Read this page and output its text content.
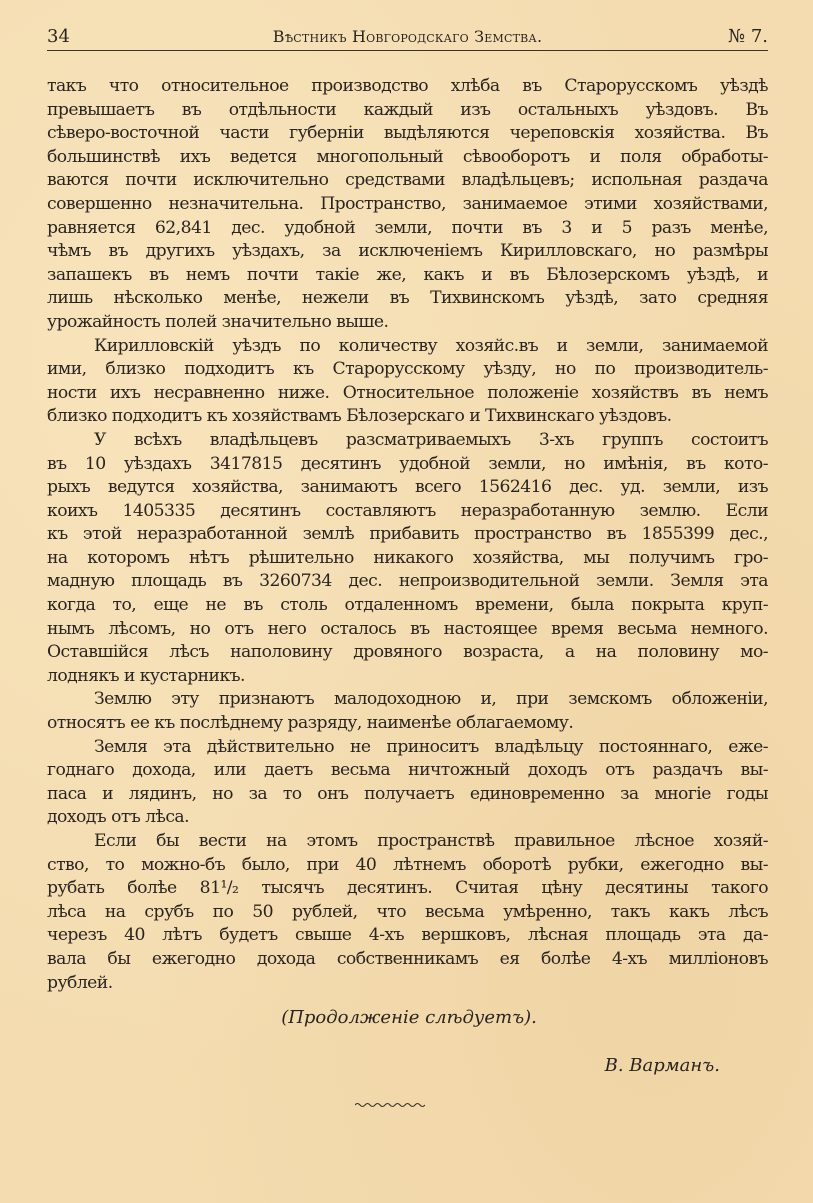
34	Вѣстникъ Новгородскаго Земства.	№ 7.
такъ что относительное производство хлѣба въ Старорусскомъ уѣздѣ
превышаетъ въ отдѣльности каждый изъ остальныхъ уѣздовъ. Въ
сѣверо-восточной части губерніи выдѣляются череповскія хозяйства. Въ
большинствѣ ихъ ведется многопольный сѣвооборотъ и поля обработы-
ваются почти исключительно средствами владѣльцевъ; испольная раздача
совершенно незначительна. Пространство, занимаемое этими хозяйствами,
равняется 62,841 дес. удобной земли, почти въ 3 и 5 разъ менѣе,
чѣмъ въ другихъ уѣздахъ, за исключеніемъ Кирилловскаго, но размѣры
запашекъ въ немъ почти такіе же, какъ и въ Бѣлозерскомъ уѣздѣ, и
лишь нѣсколько менѣе, нежели въ Тихвинскомъ уѣздѣ, зато средняя
урожайность полей значительно выше.
Кирилловскій уѣздъ по количеству хозяйс.въ и земли, занимаемой
ими, близко подходитъ къ Старорусскому уѣзду, но по производитель-
ности ихъ несравненно ниже. Относительное положеніе хозяйствъ въ немъ
близко подходитъ къ хозяйствамъ Бѣлозерскаго и Тихвинскаго уѣздовъ.
У всѣхъ владѣльцевъ разсматриваемыхъ 3-хъ группъ состоитъ
въ 10 уѣздахъ 3417815 десятинъ удобной земли, но имѣнія, въ кото-
рыхъ ведутся хозяйства, занимаютъ всего 1562416 дес. уд. земли, изъ
коихъ 1405335 десятинъ составляютъ неразработанную землю. Если
къ этой неразработанной землѣ прибавить пространство въ 1855399 дес.,
на которомъ нѣтъ рѣшительно никакого хозяйства, мы получимъ гро-
мадную площадь въ 3260734 дес. непроизводительной земли. Земля эта
когда то, еще не въ столь отдаленномъ времени, была покрыта круп-
нымъ лѣсомъ, но отъ него осталось въ настоящее время весьма немного.
Оставшійся лѣсъ наполовину дровяного возраста, а на половину мо-
лоднякъ и кустарникъ.
Землю эту признаютъ малодоходною и, при земскомъ обложеніи,
относятъ ее къ послѣднему разряду, наименѣе облагаемому.
Земля эта дѣйствительно не приноситъ владѣльцу постояннаго, еже-
годнаго дохода, или даетъ весьма ничтожный доходъ отъ раздачъ вы-
паса и лядинъ, но за то онъ получаетъ единовременно за многіе годы
доходъ отъ лѣса.
Если бы вести на этомъ пространствѣ правильное лѣсное хозяй-
ство, то можно-бъ было, при 40 лѣтнемъ оборотѣ рубки, ежегодно вы-
рубать болѣе 81¹/₂ тысячъ десятинъ. Считая цѣну десятины такого
лѣса на срубъ по 50 рублей, что весьма умѣренно, такъ какъ лѣсъ
черезъ 40 лѣтъ будетъ свыше 4-хъ вершковъ, лѣсная площадь эта да-
вала бы ежегодно дохода собственникамъ ея болѣе 4-хъ милліоновъ
рублей.
(Продолженіе слѣдуетъ).
В. Варманъ.
